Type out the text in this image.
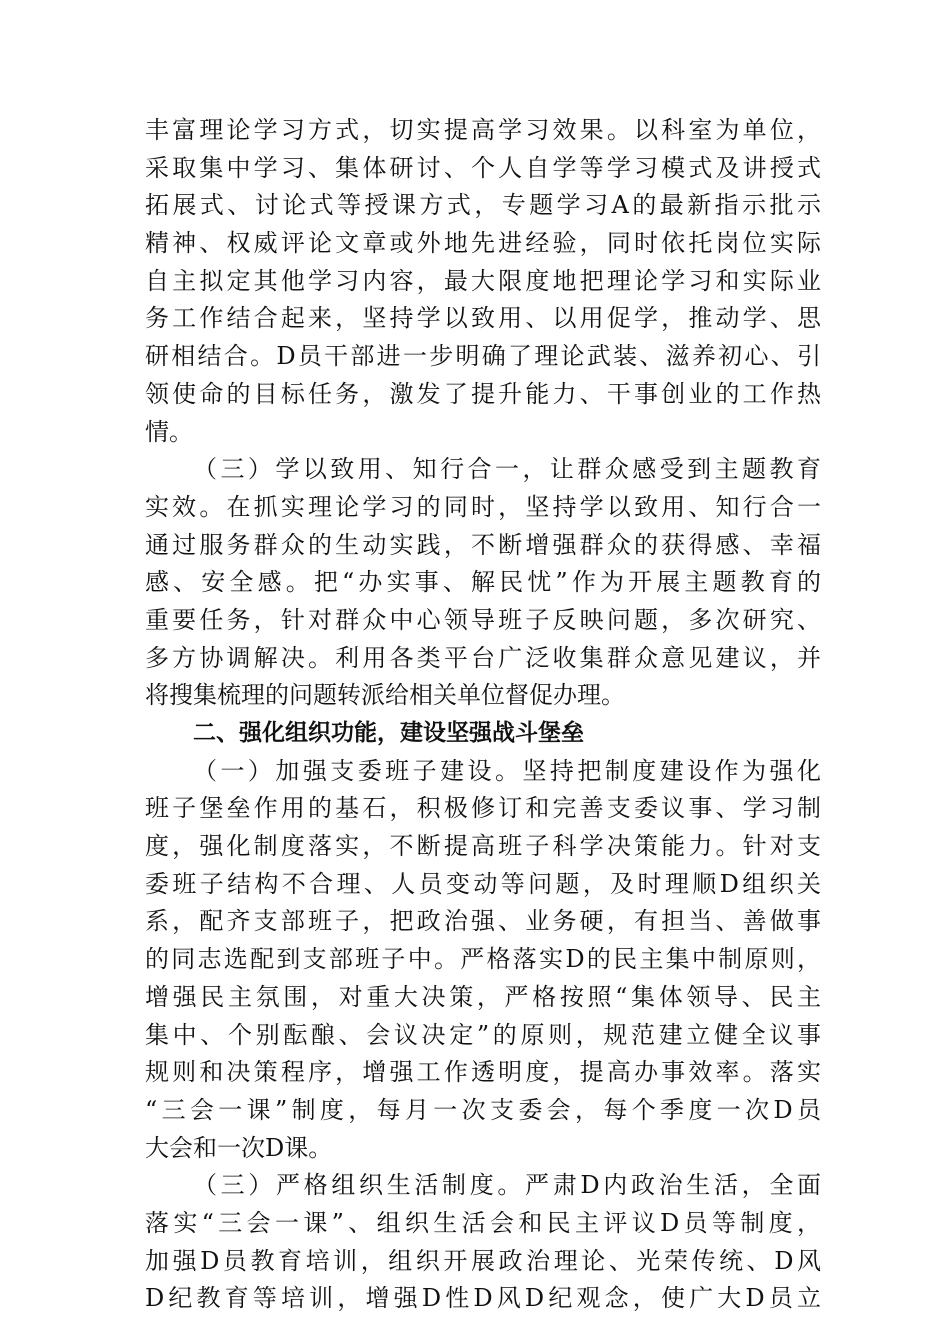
丰富理论学习方式，切实提高学习效果。以科室为单位，
采取集中学习、集体研讨、个人自学等学习模式及讲授式
拓展式、讨论式等授课方式，专题学习A的最新指示批示
精神、权威评论文章或外地先进经验，同时依托岗位实际
自主拟定其他学习内容，最大限度地把理论学习和实际业
务工作结合起来，坚持学以致用、以用促学，推动学、思
研相结合。D员干部进一步明确了理论武装、滋养初心、引
领使命的目标任务，激发了提升能力、干事创业的工作热
情。
（三）学以致用、知行合一，让群众感受到主题教育
实效。在抓实理论学习的同时，坚持学以致用、知行合一
通过服务群众的生动实践，不断增强群众的获得感、幸福
感、安全感。把“办实事、解民忧”作为开展主题教育的
重要任务，针对群众中心领导班子反映问题，多次研究、
多方协调解决。利用各类平台广泛收集群众意见建议，并
将搜集梳理的问题转派给相关单位督促办理。
二、强化组织功能，建设坚强战斗堡垒
（一）加强支委班子建设。坚持把制度建设作为强化
班子堡垒作用的基石，积极修订和完善支委议事、学习制
度，强化制度落实，不断提高班子科学决策能力。针对支
委班子结构不合理、人员变动等问题，及时理顺D组织关
系，配齐支部班子，把政治强、业务硬，有担当、善做事
的同志选配到支部班子中。严格落实D的民主集中制原则，
增强民主氛围，对重大决策，严格按照“集体领导、民主
集中、个别酝酿、会议决定”的原则，规范建立健全议事
规则和决策程序，增强工作透明度，提高办事效率。落实
“三会一课”制度，每月一次支委会，每个季度一次D员
大会和一次D课。
（三）严格组织生活制度。严肃D内政治生活，全面
落实“三会一课”、组织生活会和民主评议D员等制度，
加强D员教育培训，组织开展政治理论、光荣传统、D风
D纪教育等培训，增强D性D风D纪观念，使广大D员立
